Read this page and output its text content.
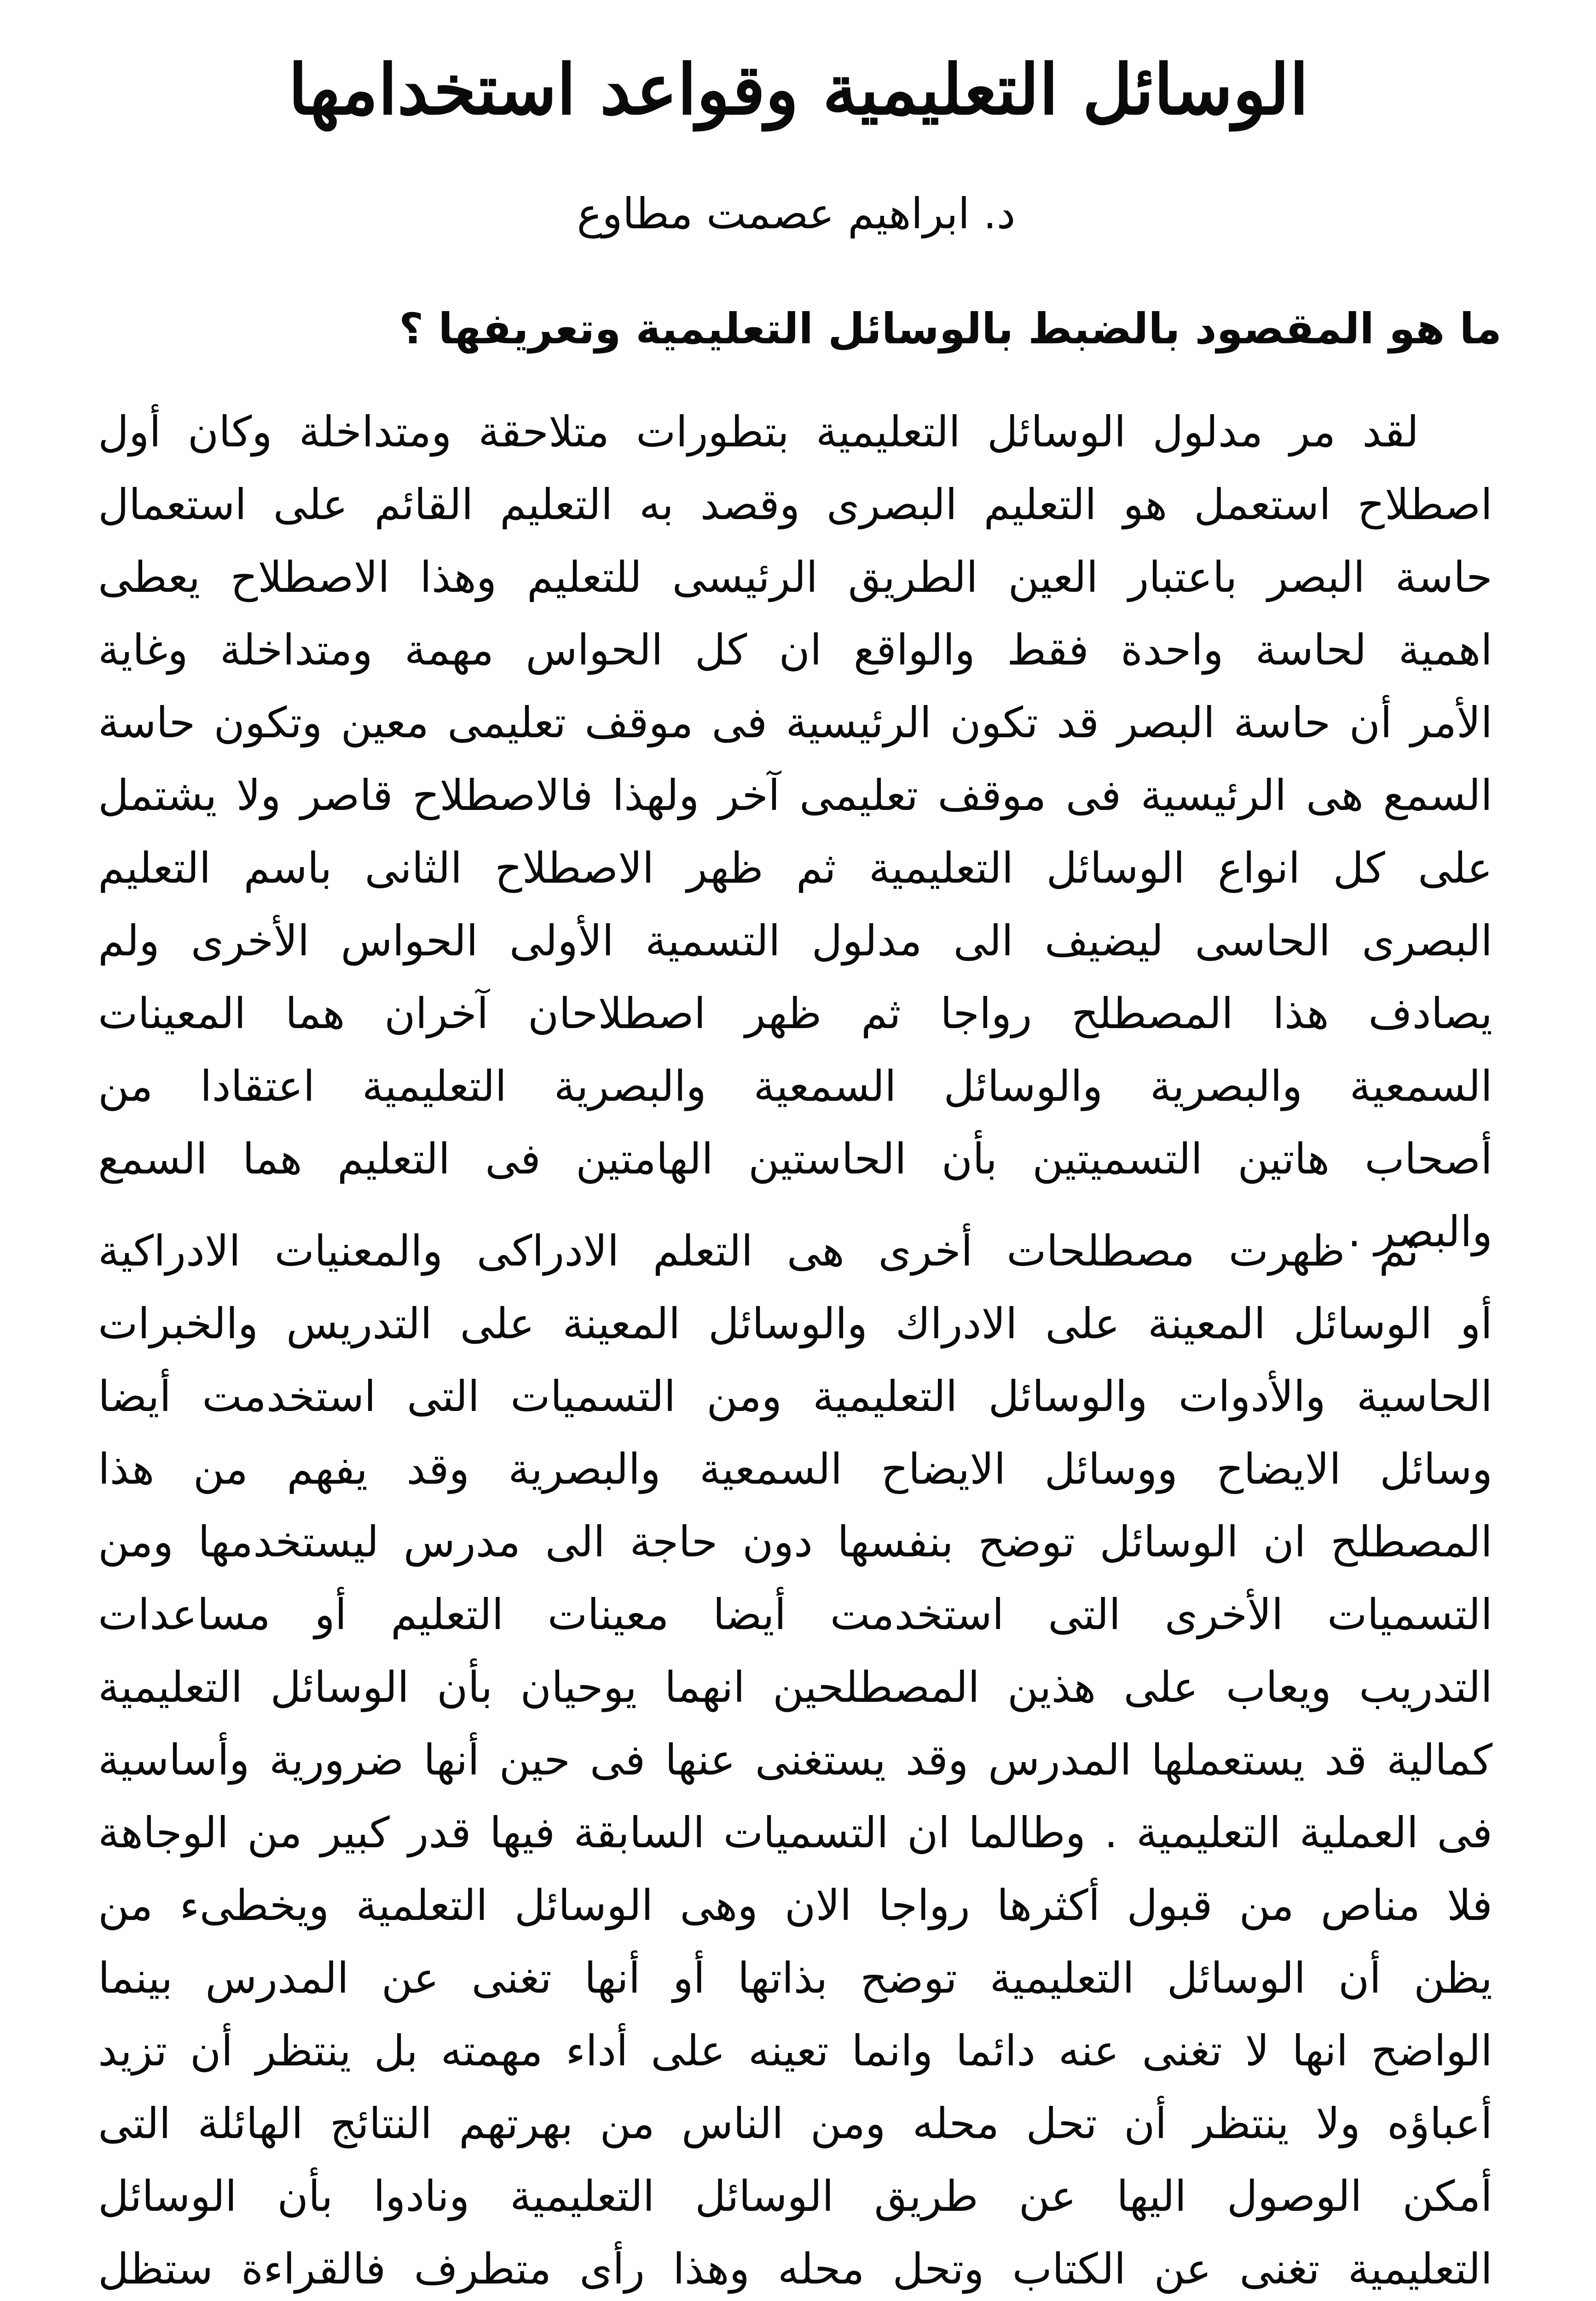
الوسائل التعليمية وقواعد استخدامها
د. ابراهيم عصمت مطاوع
ما هو المقصود بالضبط بالوسائل التعليمية وتعريفها ؟
لقد مر مدلول الوسائل التعليمية بتطورات متلاحقة ومتداخلة وكان أول
اصطلاح استعمل هو التعليم البصرى وقصد به التعليم القائم على استعمال
حاسة البصر باعتبار العين الطريق الرئيسى للتعليم وهذا الاصطلاح يعطى
اهمية لحاسة واحدة فقط والواقع ان كل الحواس مهمة ومتداخلة وغاية
الأمر أن حاسة البصر قد تكون الرئيسية فى موقف تعليمى معين وتكون حاسة
السمع هى الرئيسية فى موقف تعليمى آخر ولهذا فالاصطلاح قاصر ولا يشتمل
على كل انواع الوسائل التعليمية ثم ظهر الاصطلاح الثانى باسم التعليم
البصرى الحاسى ليضيف الى مدلول التسمية الأولى الحواس الأخرى ولم
يصادف هذا المصطلح رواجا ثم ظهر اصطلاحان آخران هما المعينات
السمعية والبصرية والوسائل السمعية والبصرية التعليمية اعتقادا من
أصحاب هاتين التسميتين بأن الحاستين الهامتين فى التعليم هما السمع
والبصر .
ثم ظهرت مصطلحات أخرى هى التعلم الادراكى والمعنيات الادراكية
أو الوسائل المعينة على الادراك والوسائل المعينة على التدريس والخبرات
الحاسية والأدوات والوسائل التعليمية ومن التسميات التى استخدمت أيضا
وسائل الايضاح ووسائل الايضاح السمعية والبصرية وقد يفهم من هذا
المصطلح ان الوسائل توضح بنفسها دون حاجة الى مدرس ليستخدمها ومن
التسميات الأخرى التى استخدمت أيضا معينات التعليم أو مساعدات
التدريب ويعاب على هذين المصطلحين انهما يوحيان بأن الوسائل التعليمية
كمالية قد يستعملها المدرس وقد يستغنى عنها فى حين أنها ضرورية وأساسية
فى العملية التعليمية . وطالما ان التسميات السابقة فيها قدر كبير من الوجاهة
فلا مناص من قبول أكثرها رواجا الان وهى الوسائل التعلمية ويخطىء من
يظن أن الوسائل التعليمية توضح بذاتها أو أنها تغنى عن المدرس بينما
الواضح انها لا تغنى عنه دائما وانما تعينه على أداء مهمته بل ينتظر أن تزيد
أعباؤه ولا ينتظر أن تحل محله ومن الناس من بهرتهم النتائج الهائلة التى
أمكن الوصول اليها عن طريق الوسائل التعليمية ونادوا بأن الوسائل
التعليمية تغنى عن الكتاب وتحل محله وهذا رأى متطرف فالقراءة ستظل
